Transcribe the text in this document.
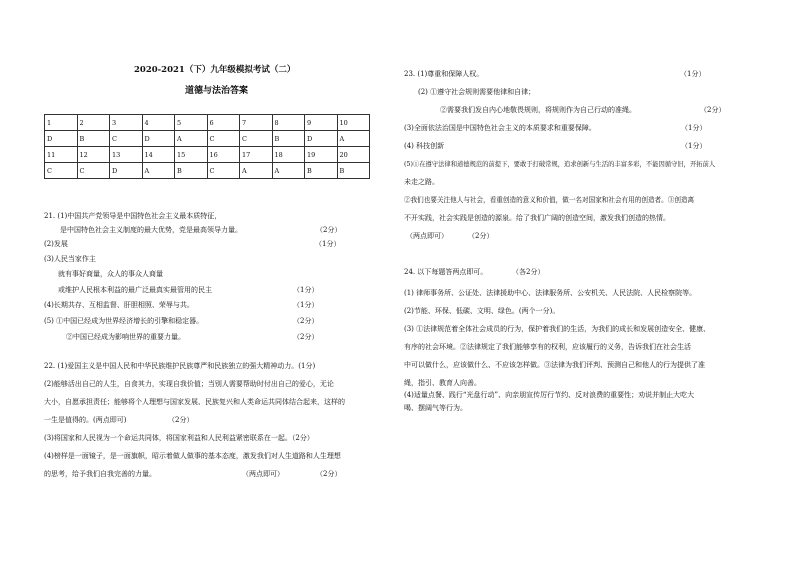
2020-2021（下）九年级模拟考试（二）
道德与法治答案
1	2	3	4	5	6	7	8	9	10
D	B	C	D	A	C	C	B	D	A
11	12	13	14	15	16	17	18	19	20
C	C	D	A	B	C	A	A	B	B
21. (1)中国共产党领导是中国特色社会主义最本质特征，
是中国特色社会主义制度的最大优势，党是最高领导力量。	（2分）
(2)发展	（1分）
(3)人民当家作主
就有事好商量，众人的事众人商量
或维护人民根本利益的最广泛最真实最管用的民主	（1分）
(4)长期共存、互相监督、肝胆相照、荣辱与共。	（1分）
(5) ①中国已经成为世界经济增长的引擎和稳定器。	（2分）
②中国已经成为影响世界的重要力量。	（2分）
22. (1)爱国主义是中国人民和中华民族维护民族尊严和民族独立的强大精神动力。(1分)
(2)能够活出自己的人生，自食其力，实现自我价值；当别人需要帮助时付出自己的爱心，无论
大小，自愿承担责任；能够将个人理想与国家发展、民族复兴和人类命运共同体结合起来，这样的
一生是值得的。(两点即可)	（2分）
(3)将国家和人民视为一个命运共同体，将国家利益和人民利益紧密联系在一起。（2分）
(4)榜样是一面镜子，是一面旗帜，昭示着做人做事的基本态度，激发我们对人生道路和人生理想
的思考，给予我们自我完善的力量。	（两点即可）	（2分）
23. (1)尊重和保障人权。	（1分）
(2) ①遵守社会规则需要他律和自律；
②需要我们发自内心地敬畏规则，将规则作为自己行动的准绳。	（2分）
(3)全面依法治国是中国特色社会主义的本质要求和重要保障。	（1分）
(4) 科技创新	（1分）
(5)①在遵守法律和道德规范的前提下，要敢于打破常规，追求创新与生活的丰富多彩，不能因循守旧，开拓前人
未走之路。
②我们也要关注他人与社会，看重创造的意义和价值，做一名对国家和社会有用的创造者。③创造离
不开实践，社会实践是创造的源泉。给了我们广阔的创造空间，激发我们创造的热情。
（两点即可）	（2分）
24. 以下每题答两点即可。	（各2分）
(1) 律师事务所、公证处、法律援助中心、法律服务所、公安机关、人民法院、人民检察院等。
(2)节能、环保、低碳、文明、绿色。(两个一分)。
(3) ①法律规范着全体社会成员的行为，保护着我们的生活，为我们的成长和发展创造安全、健康、
有序的社会环境。②法律规定了我们能够享有的权利，应该履行的义务，告诉我们在社会生活
中可以做什么，应该做什么、不应该怎样做。③法律为我们评判、预测自己和他人的行为提供了准
绳，指引、教育人向善。
(4)适量点餐、践行“光盘行动”、向亲朋宣传厉行节约、反对浪费的重要性；劝说并制止大吃大
喝、摆阔气等行为。
